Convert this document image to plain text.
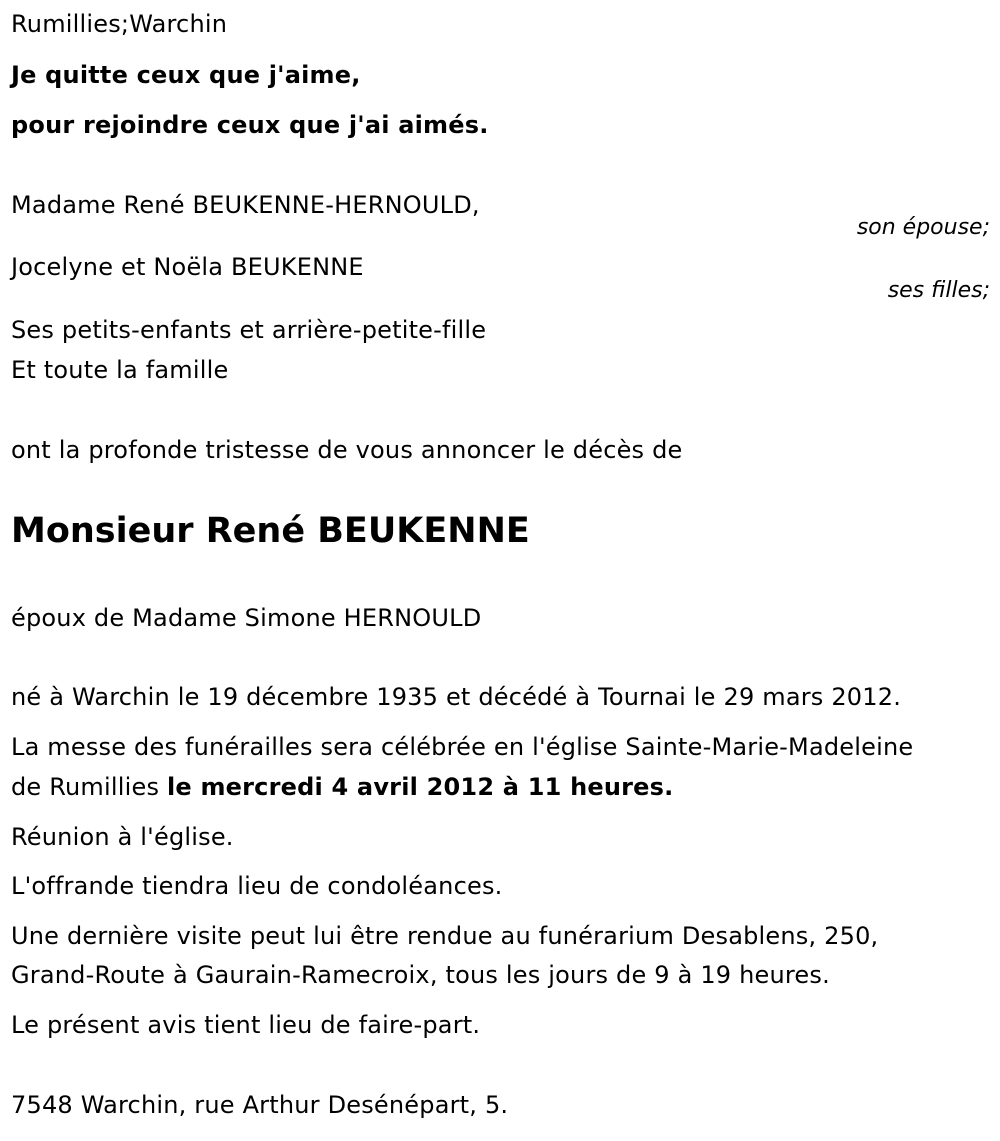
Rumillies;Warchin
Je quitte ceux que j'aime,
pour rejoindre ceux que j'ai aimés.
Madame René BEUKENNE-HERNOULD,
son épouse;
Jocelyne et Noëla BEUKENNE
ses filles;
Ses petits-enfants et arrière-petite-fille
Et toute la famille
ont la profonde tristesse de vous annoncer le décès de
Monsieur René BEUKENNE
époux de Madame Simone HERNOULD
né à Warchin le 19 décembre 1935 et décédé à Tournai le 29 mars 2012.
La messe des funérailles sera célébrée en l'église Sainte-Marie-Madeleine
de Rumillies le mercredi 4 avril 2012 à 11 heures.
Réunion à l'église.
L'offrande tiendra lieu de condoléances.
Une dernière visite peut lui être rendue au funérarium Desablens, 250,
Grand-Route à Gaurain-Ramecroix, tous les jours de 9 à 19 heures.
Le présent avis tient lieu de faire-part.
7548 Warchin, rue Arthur Desénépart, 5.
